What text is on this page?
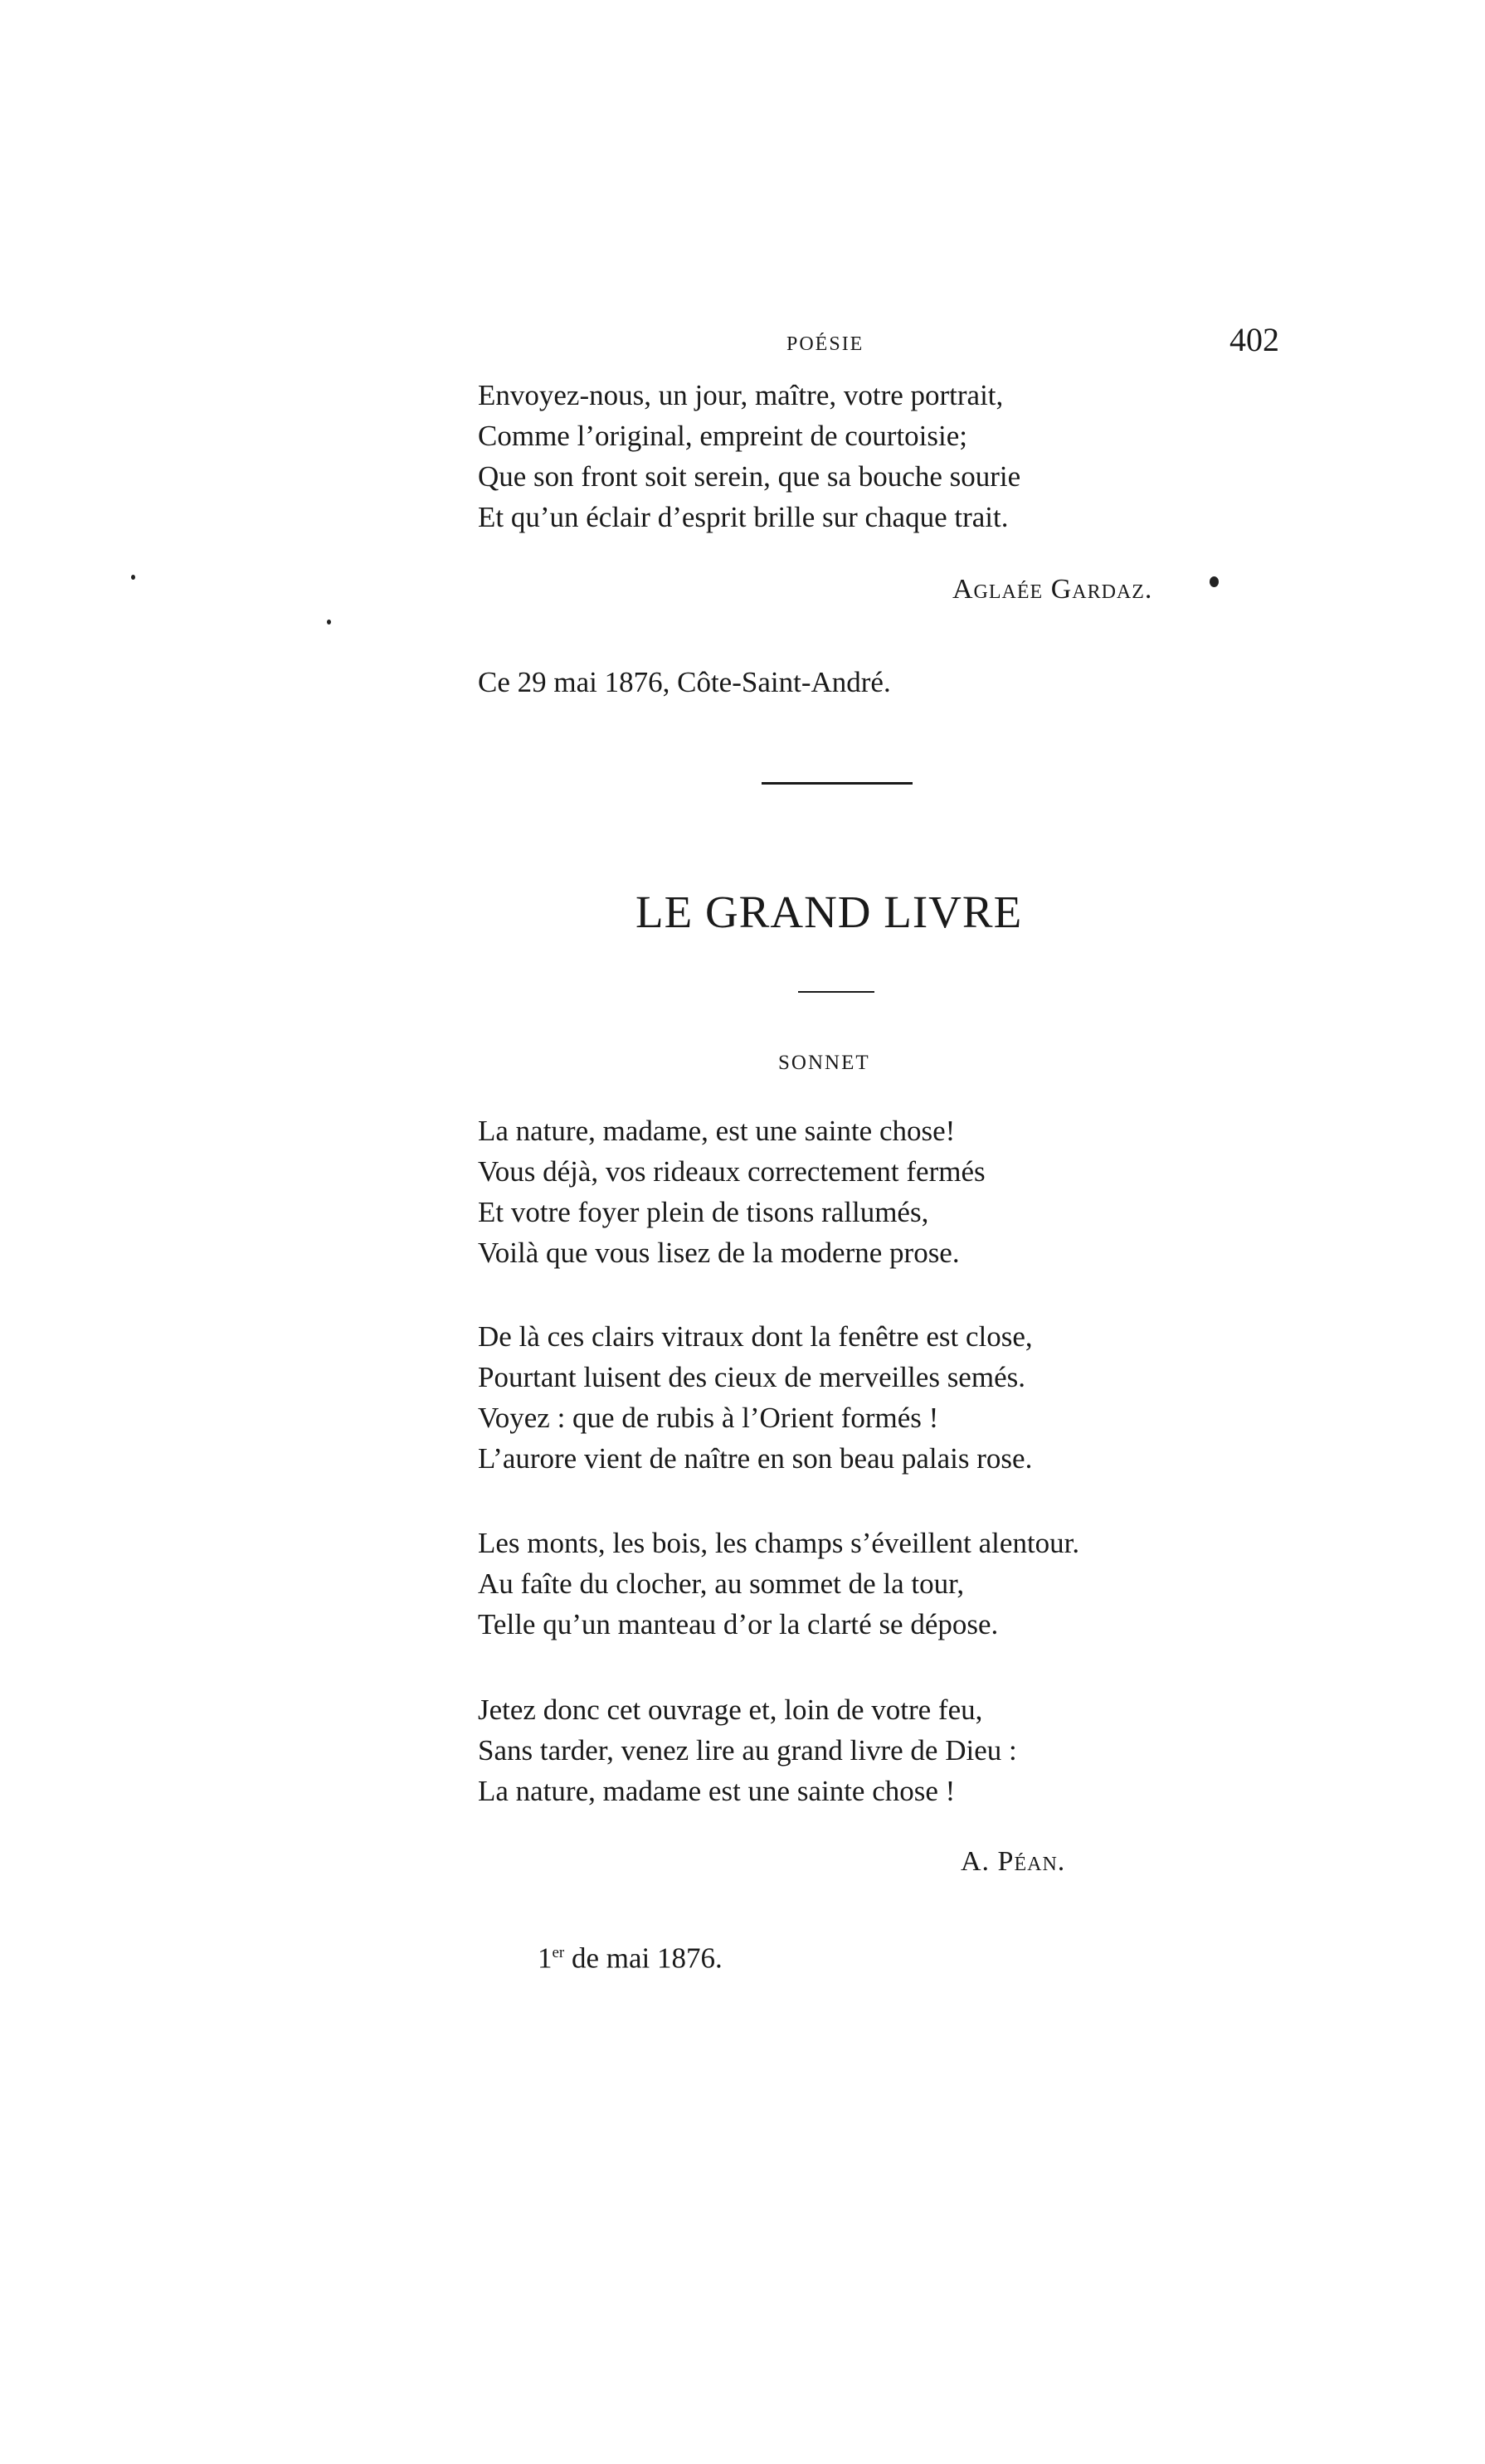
POÉSIE	402
Envoyez-nous, un jour, maître, votre portrait,
Comme l’original, empreint de courtoisie;
Que son front soit serein, que sa bouche sourie
Et qu’un éclair d’esprit brille sur chaque trait.
Aglaée Gardaz.
Ce 29 mai 1876, Côte-Saint-André.
LE GRAND LIVRE
SONNET
La nature, madame, est une sainte chose!
Vous déjà, vos rideaux correctement fermés
Et votre foyer plein de tisons rallumés,
Voilà que vous lisez de la moderne prose.
De là ces clairs vitraux dont la fenêtre est close,
Pourtant luisent des cieux de merveilles semés.
Voyez : que de rubis à l’Orient formés !
L’aurore vient de naître en son beau palais rose.
Les monts, les bois, les champs s’éveillent alentour.
Au faîte du clocher, au sommet de la tour,
Telle qu’un manteau d’or la clarté se dépose.
Jetez donc cet ouvrage et, loin de votre feu,
Sans tarder, venez lire au grand livre de Dieu :
La nature, madame est une sainte chose !
A. Péan.
1er de mai 1876.
